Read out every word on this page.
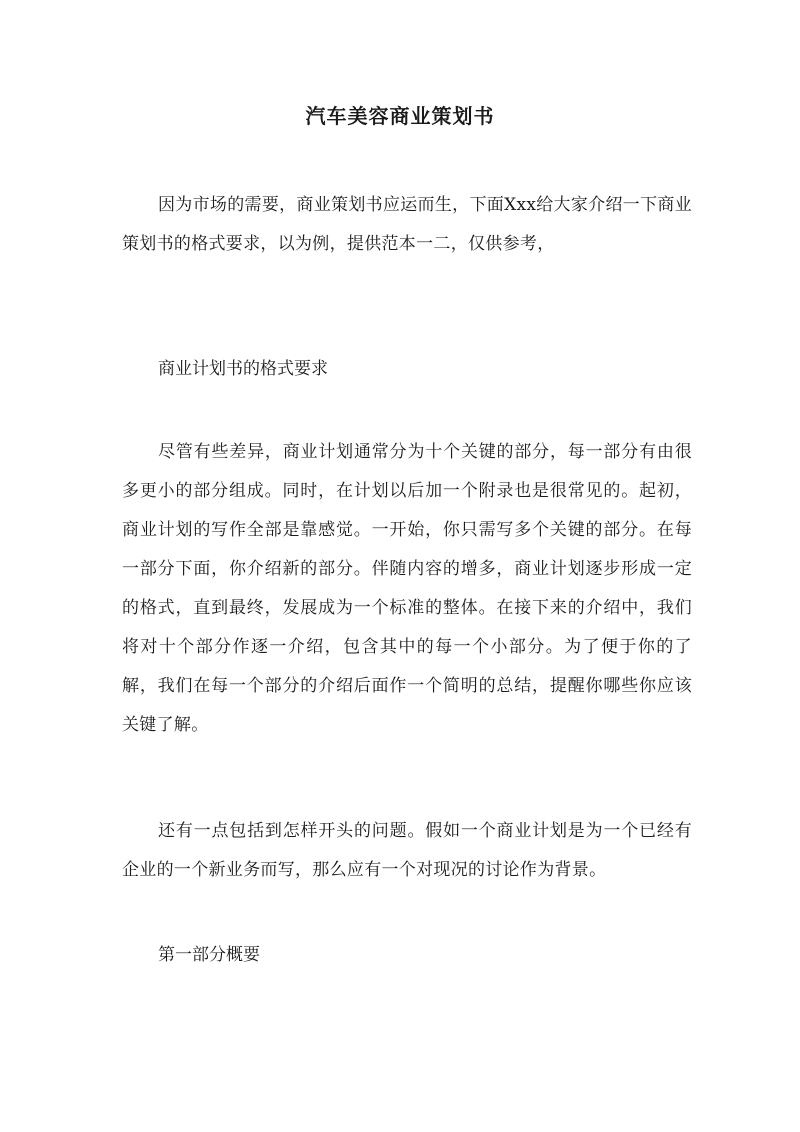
汽车美容商业策划书

因为市场的需要，商业策划书应运而生，下面Xxx给大家介绍一下商业策划书的格式要求，以为例，提供范本一二，仅供参考，

商业计划书的格式要求

尽管有些差异，商业计划通常分为十个关键的部分，每一部分有由很多更小的部分组成。同时，在计划以后加一个附录也是很常见的。起初，商业计划的写作全部是靠感觉。一开始，你只需写多个关键的部分。在每一部分下面，你介绍新的部分。伴随内容的增多，商业计划逐步形成一定的格式，直到最终，发展成为一个标准的整体。在接下来的介绍中，我们将对十个部分作逐一介绍，包含其中的每一个小部分。为了便于你的了解，我们在每一个部分的介绍后面作一个简明的总结，提醒你哪些你应该关键了解。

还有一点包括到怎样开头的问题。假如一个商业计划是为一个已经有企业的一个新业务而写，那么应有一个对现况的讨论作为背景。

第一部分概要
